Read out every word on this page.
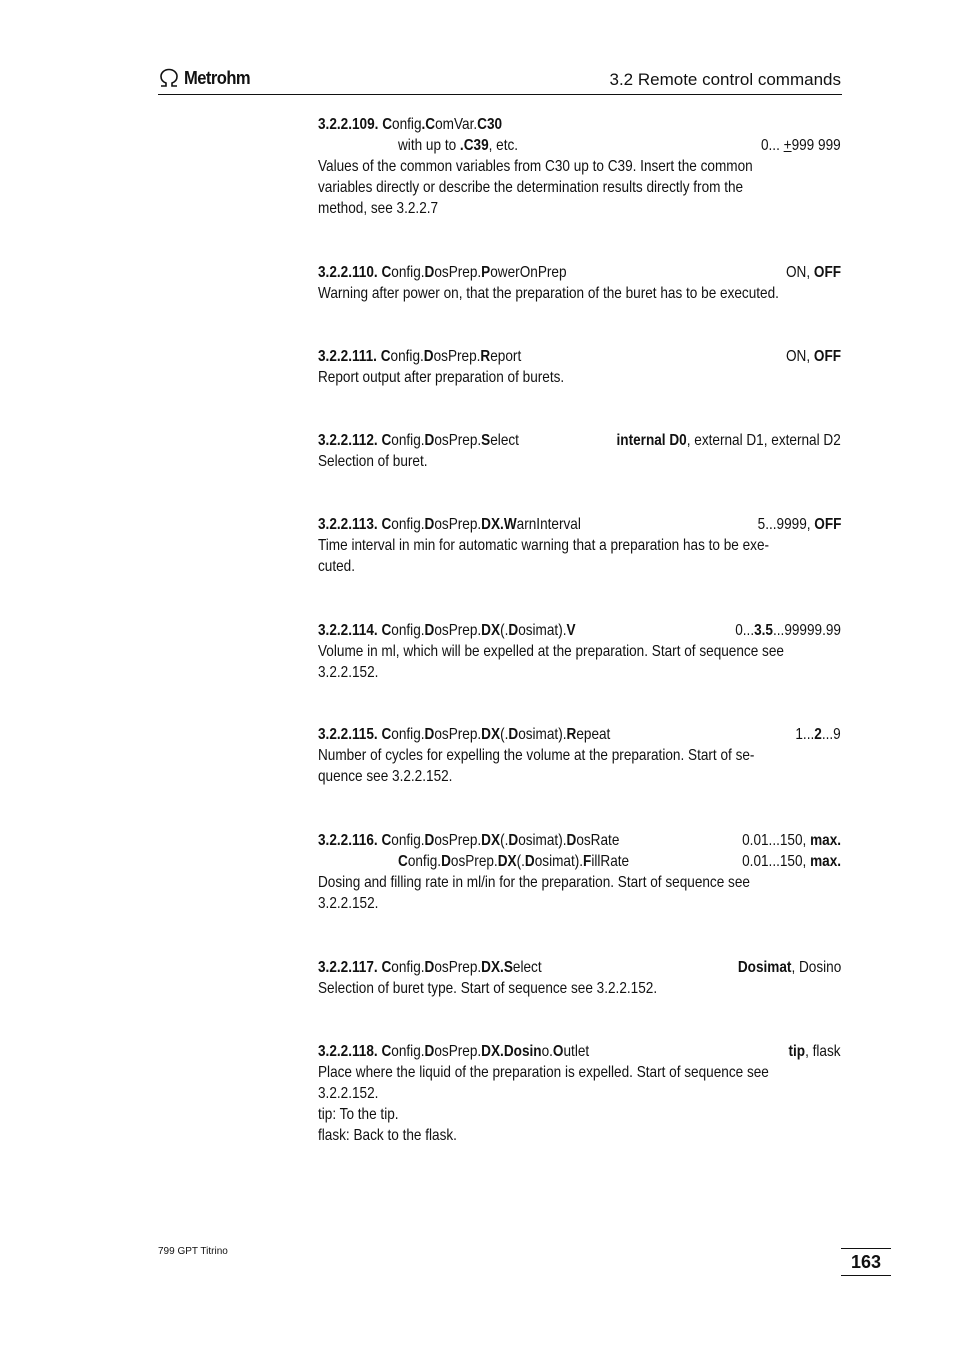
Metrohm	3.2 Remote control commands
3.2.2.109. Config.ComVar.C30
with up to .C39, etc.	0... +999 999
Values of the common variables from C30 up to C39. Insert the common
variables directly or describe the determination results directly from the
method, see 3.2.2.7
3.2.2.110. Config.DosPrep.PowerOnPrep	ON, OFF
Warning after power on, that the preparation of the buret has to be executed.
3.2.2.111. Config.DosPrep.Report	ON, OFF
Report output after preparation of burets.
3.2.2.112. Config.DosPrep.Select	internal D0, external D1, external D2
Selection of buret.
3.2.2.113. Config.DosPrep.DX.WarnInterval	5...9999, OFF
Time interval in min for automatic warning that a preparation has to be exe-
cuted.
3.2.2.114. Config.DosPrep.DX(.Dosimat).V	0...3.5...99999.99
Volume in ml, which will be expelled at the preparation. Start of sequence see
3.2.2.152.
3.2.2.115. Config.DosPrep.DX(.Dosimat).Repeat	1...2...9
Number of cycles for expelling the volume at the preparation. Start of se-
quence see 3.2.2.152.
3.2.2.116. Config.DosPrep.DX(.Dosimat).DosRate	0.01...150, max.
Config.DosPrep.DX(.Dosimat).FillRate	0.01...150, max.
Dosing and filling rate in ml/in for the preparation. Start of sequence see
3.2.2.152.
3.2.2.117. Config.DosPrep.DX.Select	Dosimat, Dosino
Selection of buret type. Start of sequence see 3.2.2.152.
3.2.2.118. Config.DosPrep.DX.Dosino.Outlet	tip, flask
Place where the liquid of the preparation is expelled. Start of sequence see
3.2.2.152.
tip: To the tip.
flask: Back to the flask.
799 GPT Titrino	163
